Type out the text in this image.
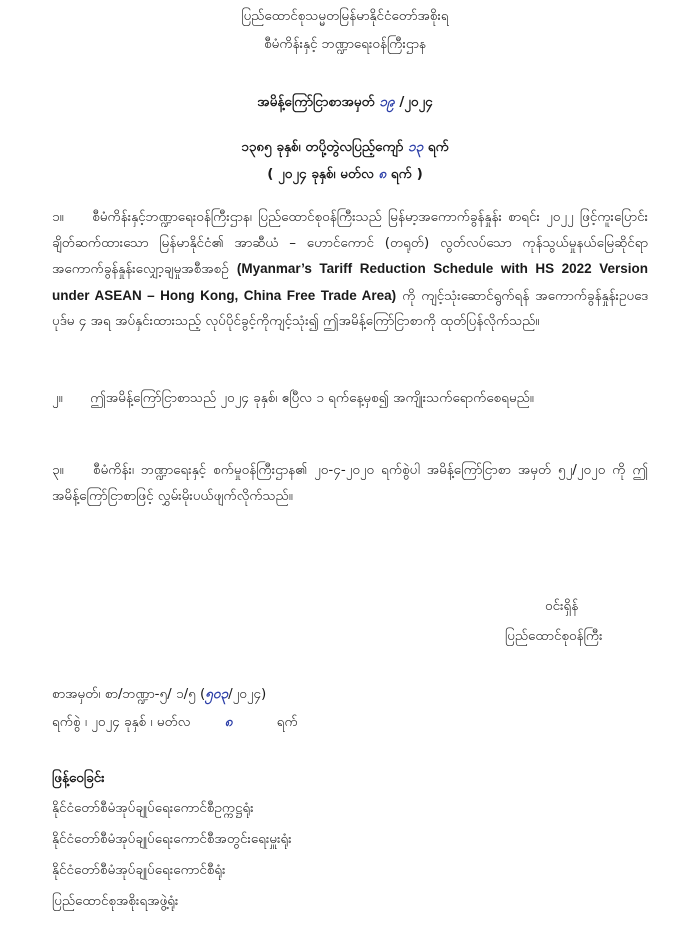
ပြည်ထောင်စုသမ္မတမြန်မာနိုင်ငံတော်အစိုးရ
စီမံကိန်းနှင့် ဘဏ္ဍာရေးဝန်ကြီးဌာန
အမိန့်ကြော်ငြာစာအမှတ် ၁၉ /၂၀၂၄
၁၃၈၅ ခုနှစ်၊ တပို့တွဲလပြည့်ကျော် ၁၃ ရက်
( ၂၀၂၄ ခုနှစ်၊ မတ်လ ၈ ရက် )
၁။ စီမံကိန်းနှင့်ဘဏ္ဍာရေးဝန်ကြီးဌာန၊ ပြည်ထောင်စုဝန်ကြီးသည် မြန်မာ့အကောက်ခွန်နှုန်း စာရင်း ၂၀၂၂ ဖြင့်ကူးပြောင်းချိတ်ဆက်ထားသော မြန်မာနိုင်ငံ၏ အာဆီယံ – ဟောင်ကောင် (တရုတ်) လွတ်လပ်သော ကုန်သွယ်မှုနယ်မြေဆိုင်ရာ အကောက်ခွန်နှုန်းလျှော့ချမှုအစီအစဉ် (Myanmar’s Tariff Reduction Schedule with HS 2022 Version under ASEAN – Hong Kong, China Free Trade Area) ကို ကျင့်သုံးဆောင်ရွက်ရန် အကောက်ခွန်နှုန်းဥပဒေပုဒ်မ ၄ အရ အပ်နှင်းထားသည့် လုပ်ပိုင်ခွင့်ကိုကျင့်သုံး၍ ဤအမိန့်ကြော်ငြာစာကို ထုတ်ပြန်လိုက်သည်။
၂။ ဤအမိန့်ကြော်ငြာစာသည် ၂၀၂၄ ခုနှစ်၊ ဧပြီလ ၁ ရက်နေ့မှစ၍ အကျိုးသက်ရောက်စေရမည်။
၃။ စီမံကိန်း၊ ဘဏ္ဍာရေးနှင့် စက်မှုဝန်ကြီးဌာန၏ ၂၀-၄-၂၀၂၀ ရက်စွဲပါ အမိန့်ကြော်ငြာစာ အမှတ် ၅၂/၂၀၂၀ ကို ဤအမိန့်ကြော်ငြာစာဖြင့် လွှမ်းမိုးပယ်ဖျက်လိုက်သည်။
ဝင်းရှိန်
ပြည်ထောင်စုဝန်ကြီး
စာအမှတ်၊ စာ/ဘဏ္ဍာ-၅/ ၁/၅ (၅၀၃/၂၀၂၄)
ရက်စွဲ ၊ ၂၀၂၄ ခုနှစ် ၊ မတ်လ	၈	ရက်
ဖြန့်ဝေခြင်း
နိုင်ငံတော်စီမံအုပ်ချုပ်ရေးကောင်စီဥက္ကဋ္ဌရုံး
နိုင်ငံတော်စီမံအုပ်ချုပ်ရေးကောင်စီအတွင်းရေးမှူးရုံး
နိုင်ငံတော်စီမံအုပ်ချုပ်ရေးကောင်စီရုံး
ပြည်ထောင်စုအစိုးရအဖွဲ့ရုံး
